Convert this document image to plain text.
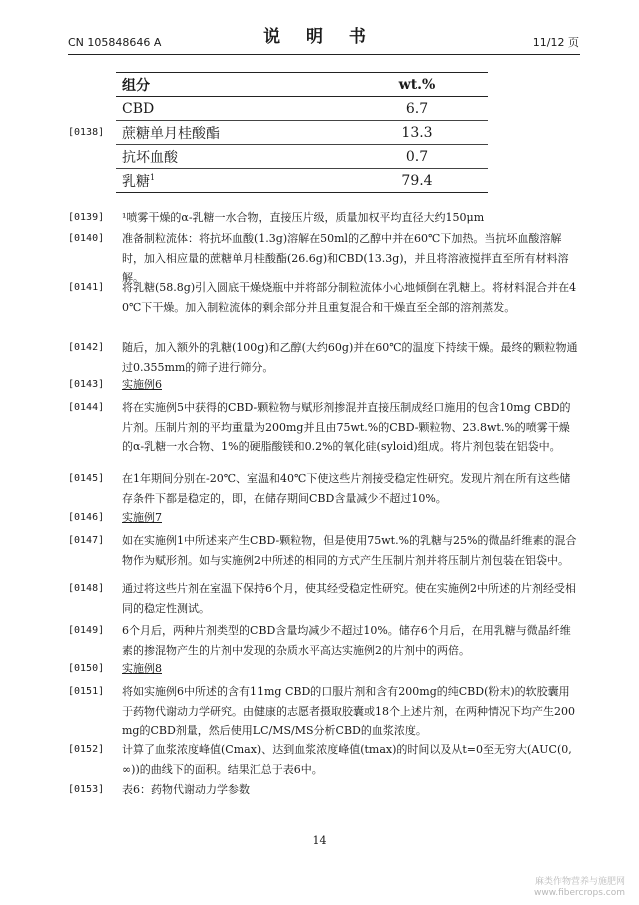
CN 105848646 A	说 明 书	11/12 页
[0138]
组分	wt.%
CBD	6.7
蔗糖单月桂酸酯	13.3
抗坏血酸	0.7
乳糖$^1$	79.4
[0139] ¹喷雾干燥的α-乳糖一水合物，直接压片级，质量加权平均直径大约150μm
[0140] 准备制粒流体：将抗坏血酸(1.3g)溶解在50ml的乙醇中并在60℃下加热。当抗坏血酸溶解时，加入相应量的蔗糖单月桂酸酯(26.6g)和CBD(13.3g)，并且将溶液搅拌直至所有材料溶解。
[0141] 将乳糖(58.8g)引入圆底干燥烧瓶中并将部分制粒流体小心地倾倒在乳糖上。将材料混合并在40℃下干燥。加入制粒流体的剩余部分并且重复混合和干燥直至全部的溶剂蒸发。
[0142] 随后，加入额外的乳糖(100g)和乙醇(大约60g)并在60℃的温度下持续干燥。最终的颗粒物通过0.355mm的筛子进行筛分。
[0143] 实施例6
[0144] 将在实施例5中获得的CBD-颗粒物与赋形剂掺混并直接压制成经口施用的包含10mg CBD的片剂。压制片剂的平均重量为200mg并且由75wt.%的CBD-颗粒物、23.8wt.%的喷雾干燥的α-乳糖一水合物、1%的硬脂酸镁和0.2%的氧化硅(syloid)组成。将片剂包装在铝袋中。
[0145] 在1年期间分别在-20℃、室温和40℃下使这些片剂接受稳定性研究。发现片剂在所有这些储存条件下都是稳定的，即，在储存期间CBD含量减少不超过10%。
[0146] 实施例7
[0147] 如在实施例1中所述来产生CBD-颗粒物，但是使用75wt.%的乳糖与25%的微晶纤维素的混合物作为赋形剂。如与实施例2中所述的相同的方式产生压制片剂并将压制片剂包装在铝袋中。
[0148] 通过将这些片剂在室温下保持6个月，使其经受稳定性研究。使在实施例2中所述的片剂经受相同的稳定性测试。
[0149] 6个月后，两种片剂类型的CBD含量均减少不超过10%。储存6个月后，在用乳糖与微晶纤维素的掺混物产生的片剂中发现的杂质水平高达实施例2的片剂中的两倍。
[0150] 实施例8
[0151] 将如实施例6中所述的含有11mg CBD的口服片剂和含有200mg的纯CBD(粉末)的软胶囊用于药物代谢动力学研究。由健康的志愿者摄取胶囊或18个上述片剂，在两种情况下均产生200mg的CBD剂量，然后使用LC/MS/MS分析CBD的血浆浓度。
[0152] 计算了血浆浓度峰值(Cmax)、达到血浆浓度峰值(tmax)的时间以及从t=0至无穷大(AUC(0,∞))的曲线下的面积。结果汇总于表6中。
[0153] 表6：药物代谢动力学参数
14
麻类作物营养与施肥网
www.fibercrops.com
